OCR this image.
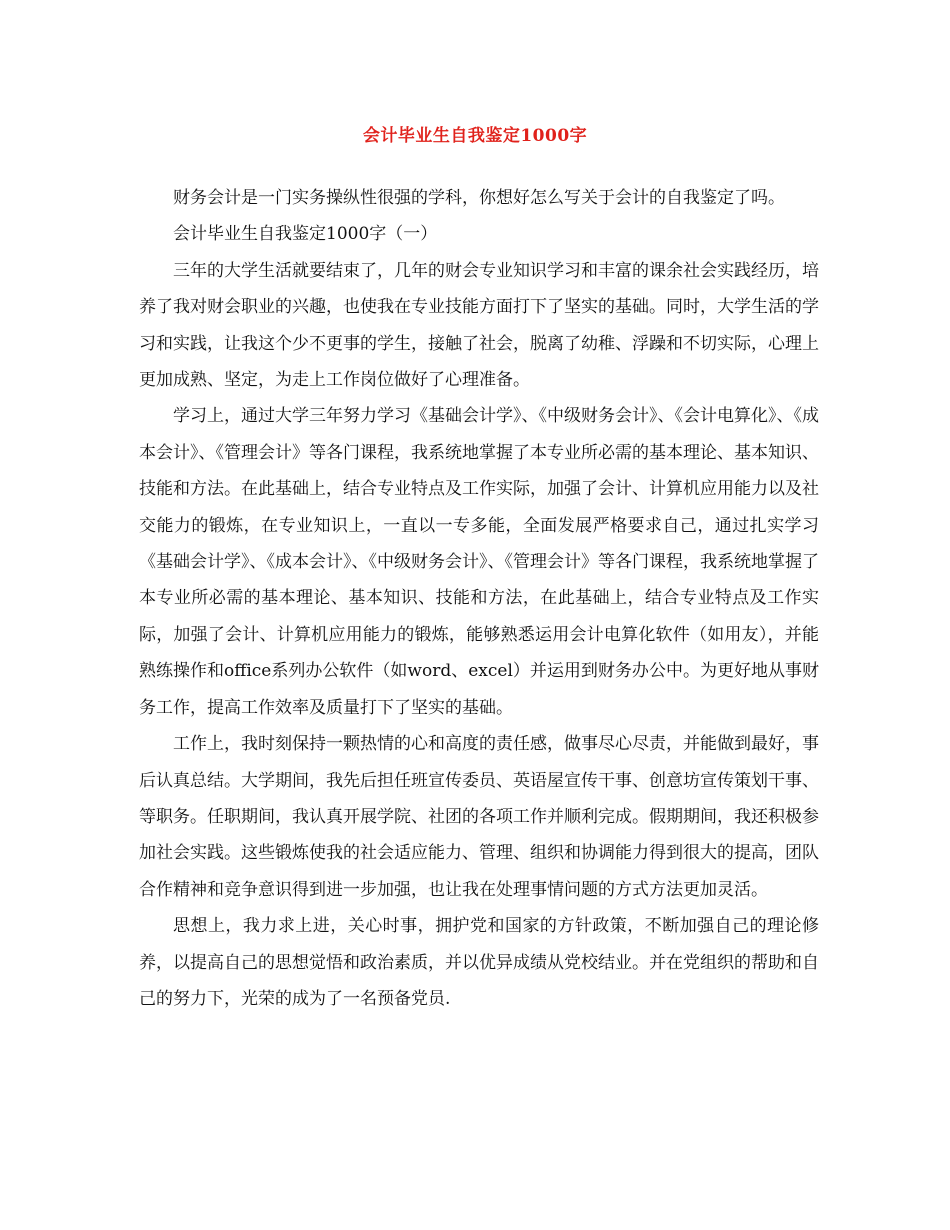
会计毕业生自我鉴定1000字

财务会计是一门实务操纵性很强的学科，你想好怎么写关于会计的自我鉴定了吗。

会计毕业生自我鉴定1000字（一）

三年的大学生活就要结束了，几年的财会专业知识学习和丰富的课余社会实践经历，培养了我对财会职业的兴趣，也使我在专业技能方面打下了坚实的基础。同时，大学生活的学习和实践，让我这个少不更事的学生，接触了社会，脱离了幼稚、浮躁和不切实际，心理上更加成熟、坚定，为走上工作岗位做好了心理准备。

学习上，通过大学三年努力学习《基础会计学》、《中级财务会计》、《会计电算化》、《成本会计》、《管理会计》等各门课程，我系统地掌握了本专业所必需的基本理论、基本知识、技能和方法。在此基础上，结合专业特点及工作实际，加强了会计、计算机应用能力以及社交能力的锻炼，在专业知识上，一直以一专多能，全面发展严格要求自己，通过扎实学习《基础会计学》、《成本会计》、《中级财务会计》、《管理会计》等各门课程，我系统地掌握了本专业所必需的基本理论、基本知识、技能和方法，在此基础上，结合专业特点及工作实际，加强了会计、计算机应用能力的锻炼，能够熟悉运用会计电算化软件（如用友），并能熟练操作和office系列办公软件（如word、excel）并运用到财务办公中。为更好地从事财务工作，提高工作效率及质量打下了坚实的基础。

工作上，我时刻保持一颗热情的心和高度的责任感，做事尽心尽责，并能做到最好，事后认真总结。大学期间，我先后担任班宣传委员、英语屋宣传干事、创意坊宣传策划干事、等职务。任职期间，我认真开展学院、社团的各项工作并顺利完成。假期期间，我还积极参加社会实践。这些锻炼使我的社会适应能力、管理、组织和协调能力得到很大的提高，团队合作精神和竞争意识得到进一步加强，也让我在处理事情问题的方式方法更加灵活。

思想上，我力求上进，关心时事，拥护党和国家的方针政策，不断加强自己的理论修养，以提高自己的思想觉悟和政治素质，并以优异成绩从党校结业。并在党组织的帮助和自己的努力下，光荣的成为了一名预备党员.
